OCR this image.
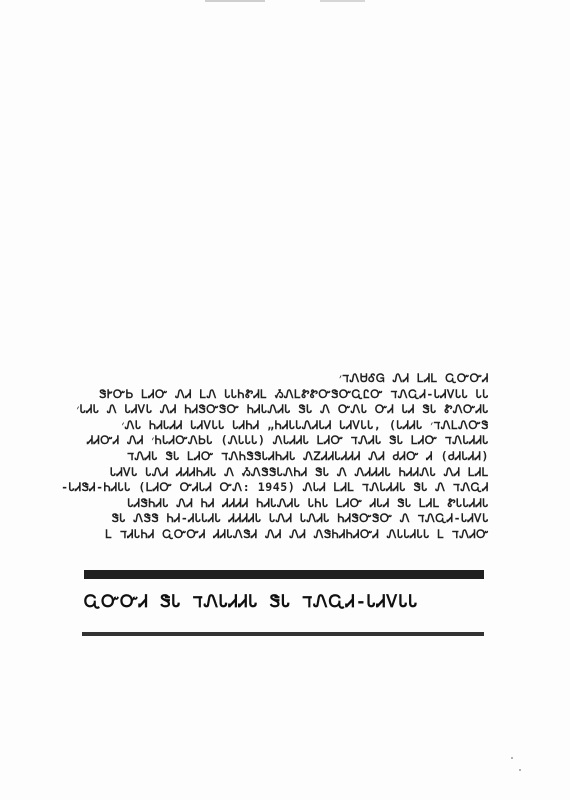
ℸᏁᏌᎴᏀ ᏁᏗ ᏞᏗᏞ ᏩᏅᏅᏗ׳
ᏕᎨᏅᏏ ᏞᏗᏅ ᏁᏗ ᏞᏁ ᏓᏓᏂᏑᏗᏞ ᏱᏁᏞᏑᏑᏅᏕᏅᏩᏝᏅ ℸᏁᏩᏗ-ᏓᏗᏙᏓᏓ ᏓᏓ
ᏓᏗᏓ Ꮑ ᏓᏗᏙᏓ ᏁᏗ ᏂᏗᏕᏅᏕᏅ ᏂᏗᏓᏁᏗᏓ ᏕᏓ Ꮑ ᏅᏁᏓ ᏅᏗ ᏓᏗ ᏕᏓ ᏑᏁᏅᏗᏓ׳
ℸᏁᏞᏁᏅᏕ׳ ᏁᏓ ᏂᏗᏓᏗᏗ ᏓᏗᏙᏓᏓ ᏓᏗᏂᏗ „ᏂᏗᏓᏓᏁᏗᏓᏗ ᏓᏗᏙᏓᏓ‚ (ᏓᏗᏗᏓ׳
ᏂᏓᏗᏅᏁᏏᏓ (ᏁᏓᏓᏓ) ᏁᏓᏗᏗᏓ ᏞᏗᏅ ℸᏁᏗᏓ ᏕᏓ ᏞᏗᏅ ℸᏁᏓᏗᏗᏓ׳ ᏗᏗᏅᏗ ᏁᏗ
ℸᏁᏗᏓ ᏕᏓ ᏞᏗᏅ ℸᏁᏂᏕᏕᏓᏗᏂᏗᏓ ᏁᏃᏗᏗᏓᏗᏗᏗ ᏁᏗ ᏧᏗᏅ Ꮧ (ᏧᏗᏓᏗᏗ)
ᏓᏗᏙᏓ ᏓᏁᏗ ᏗᏗᏗᏂᏗᏓ Ꮑ ᏱᏁᏕᏕᏓᏁᏂᏗ ᏕᏓ Ꮑ ᏁᏗᏗᏗᏓ ᏂᏗᏗᏁᏓ ᏁᏗ ᏞᏗᏞ
ᏓᏗᏕᏗ-ᏂᏗᏓᏓ (ᏞᏗᏅ ᏅᏗᏓᏗ ᏅᏁ: 1945) ᏁᏓᏗ ᏞᏗᏞ ℸᏁᏓᏗᏗᏓ ᏕᏓ Ꮑ ℸᏁᏩᏗ-
ᏓᏗᏕᏂᏗᏓ ᏁᏗ ᏂᏗ ᏗᏗᏗᏗ ᏂᏗᏓᏁᏗᏓ ᏓᏂᏓ ᏞᏗᏅ ᏗᏓᏗ ᏕᏓ ᏞᏗᏞ ᏑᏓᏓᏗᏗᏓ
ᏕᏓ ᏁᏕᏕ ᏂᏗ-ᏗᏓᏓᏗᏓ ᏗᏗᏗᏗᏓ ᏓᏁᏗ ᏓᏁᏗᏓ ᏂᏗᏕᏅᏕᏅ Ꮑ ℸᏁᏩᏗ-ᏓᏗᏙᏓ
Ꮮ ℸᏗᏓᏂᏗ ᏩᏅᏅᏗ ᏗᏗᏓᏁᏕᏗ ᏁᏗ ᏁᏗ ᏁᏕᏂᏗᏂᏗᏅᏗ ᏁᏓᏓᏗᏓᏓ Ꮮ ℸᏁᏗᏅ
ᏩᏅᏅᏗ ᏕᏓ ℸᏁᏓᏗᏗᏓ ᏕᏓ ℸᏁᏩᏗ-ᏓᏗᏙᏓᏓ
